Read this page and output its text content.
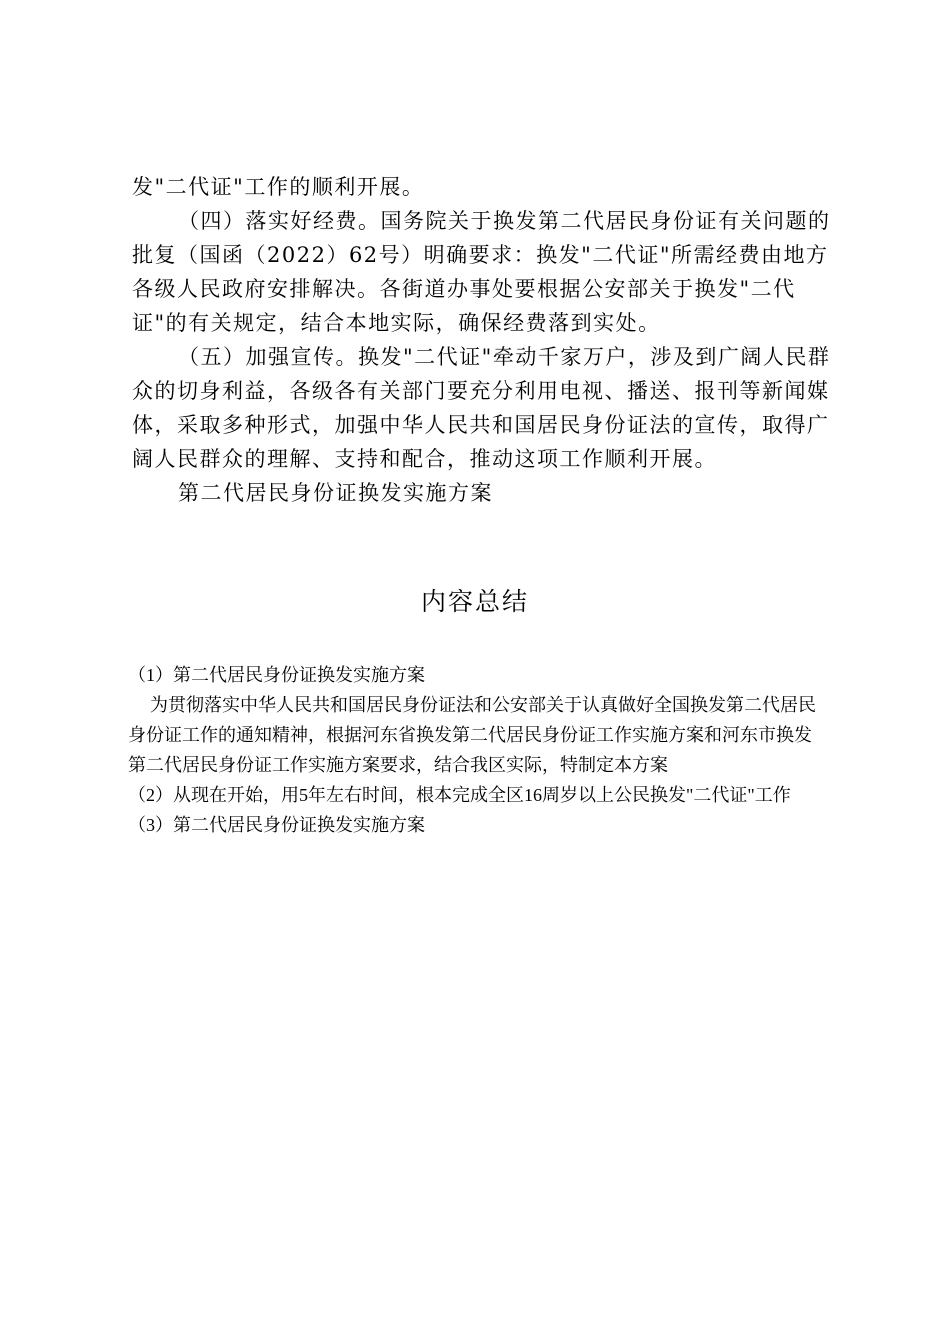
发"二代证"工作的顺利开展。

（四）落实好经费。国务院关于换发第二代居民身份证有关问题的批复（国函（2022）62号）明确要求：换发"二代证"所需经费由地方各级人民政府安排解决。各街道办事处要根据公安部关于换发"二代证"的有关规定，结合本地实际，确保经费落到实处。

（五）加强宣传。换发"二代证"牵动千家万户，涉及到广阔人民群众的切身利益，各级各有关部门要充分利用电视、播送、报刊等新闻媒体，采取多种形式，加强中华人民共和国居民身份证法的宣传，取得广阔人民群众的理解、支持和配合，推动这项工作顺利开展。

第二代居民身份证换发实施方案

内容总结

（1）第二代居民身份证换发实施方案

为贯彻落实中华人民共和国居民身份证法和公安部关于认真做好全国换发第二代居民身份证工作的通知精神，根据河东省换发第二代居民身份证工作实施方案和河东市换发第二代居民身份证工作实施方案要求，结合我区实际，特制定本方案

（2）从现在开始，用5年左右时间，根本完成全区16周岁以上公民换发"二代证"工作

（3）第二代居民身份证换发实施方案
